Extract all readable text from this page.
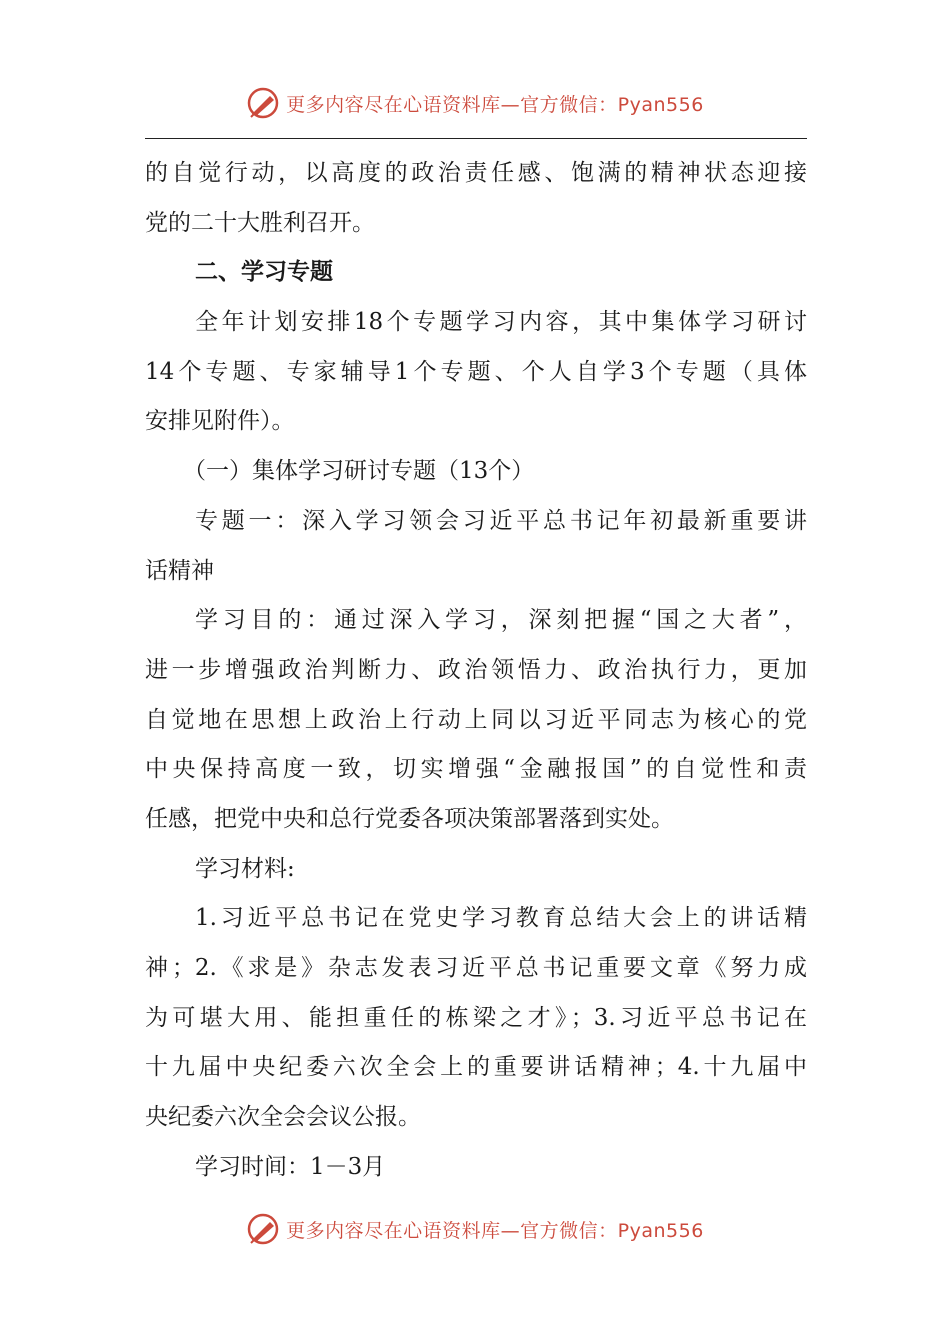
更多内容尽在心语资料库—官方微信：Pyan556
的自觉行动，以高度的政治责任感、饱满的精神状态迎接
党的二十大胜利召开。
二、学习专题
全年计划安排18个专题学习内容，其中集体学习研讨
14个专题、专家辅导1个专题、个人自学3个专题（具体
安排见附件）。
（一）集体学习研讨专题（13个）
专题一：深入学习领会习近平总书记年初最新重要讲
话精神
学习目的：通过深入学习，深刻把握“国之大者”，
进一步增强政治判断力、政治领悟力、政治执行力，更加
自觉地在思想上政治上行动上同以习近平同志为核心的党
中央保持高度一致，切实增强“金融报国”的自觉性和责
任感，把党中央和总行党委各项决策部署落到实处。
学习材料:
1.习近平总书记在党史学习教育总结大会上的讲话精
神；2.《求是》杂志发表习近平总书记重要文章《努力成
为可堪大用、能担重任的栋梁之才》；3.习近平总书记在
十九届中央纪委六次全会上的重要讲话精神；4.十九届中
央纪委六次全会会议公报。
学习时间：1－3月
更多内容尽在心语资料库—官方微信：Pyan556
